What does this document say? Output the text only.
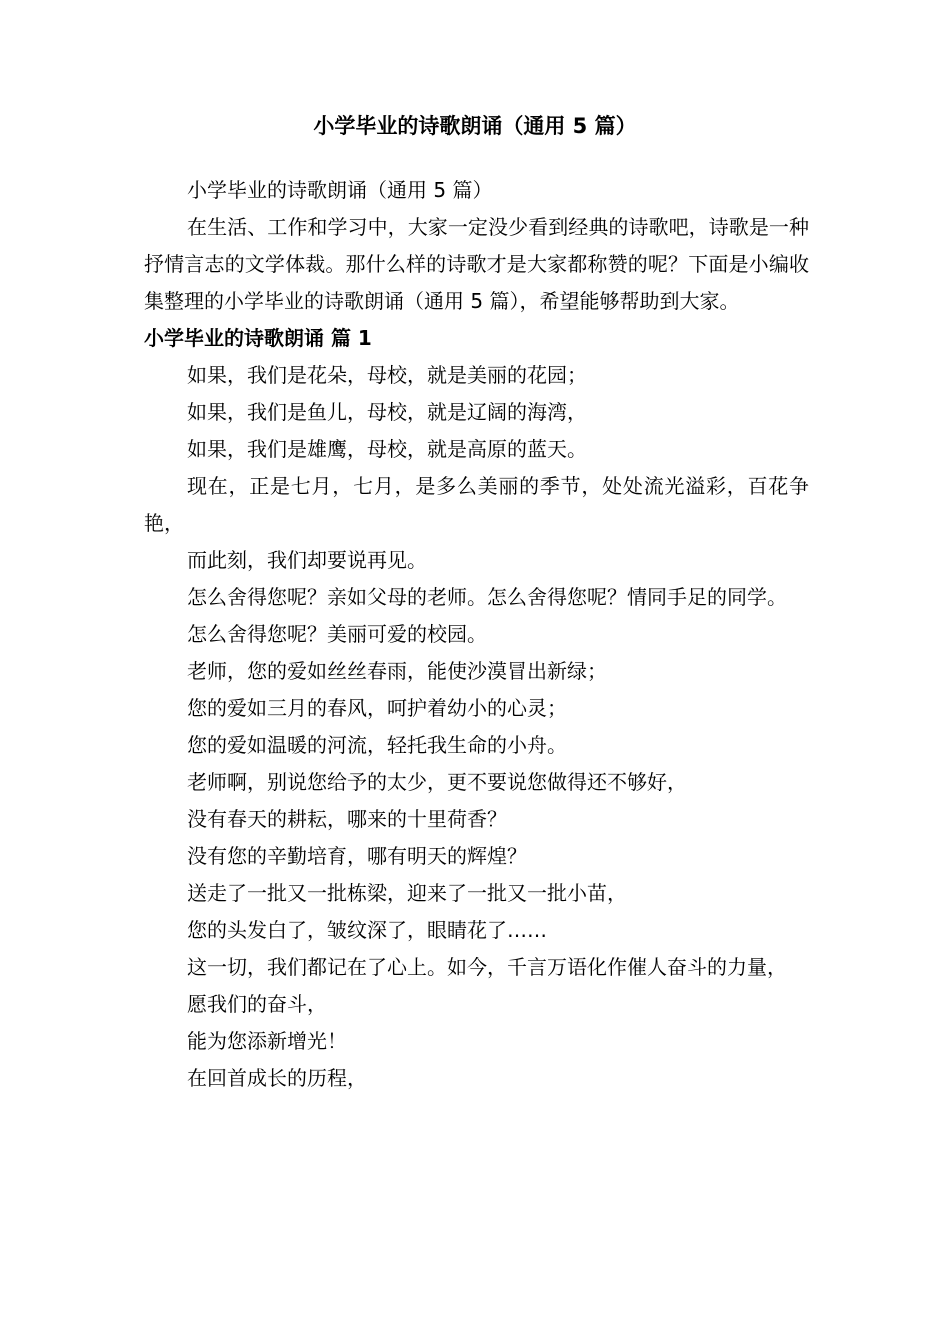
小学毕业的诗歌朗诵（通用 5 篇）

小学毕业的诗歌朗诵（通用 5 篇）

在生活、工作和学习中，大家一定没少看到经典的诗歌吧，诗歌是一种抒情言志的文学体裁。那什么样的诗歌才是大家都称赞的呢？下面是小编收集整理的小学毕业的诗歌朗诵（通用 5 篇），希望能够帮助到大家。

小学毕业的诗歌朗诵 篇 1

如果，我们是花朵，母校，就是美丽的花园；

如果，我们是鱼儿，母校，就是辽阔的海湾，

如果，我们是雄鹰，母校，就是高原的蓝天。

现在，正是七月，七月，是多么美丽的季节，处处流光溢彩，百花争艳，

而此刻，我们却要说再见。

怎么舍得您呢？亲如父母的老师。怎么舍得您呢？情同手足的同学。

怎么舍得您呢？美丽可爱的校园。

老师，您的爱如丝丝春雨，能使沙漠冒出新绿；

您的爱如三月的春风，呵护着幼小的心灵；

您的爱如温暖的河流，轻托我生命的小舟。

老师啊，别说您给予的太少，更不要说您做得还不够好，

没有春天的耕耘，哪来的十里荷香？

没有您的辛勤培育，哪有明天的辉煌？

送走了一批又一批栋梁，迎来了一批又一批小苗，

您的头发白了，皱纹深了，眼睛花了……

这一切，我们都记在了心上。如今，千言万语化作催人奋斗的力量，

愿我们的奋斗，

能为您添新增光！

在回首成长的历程，
